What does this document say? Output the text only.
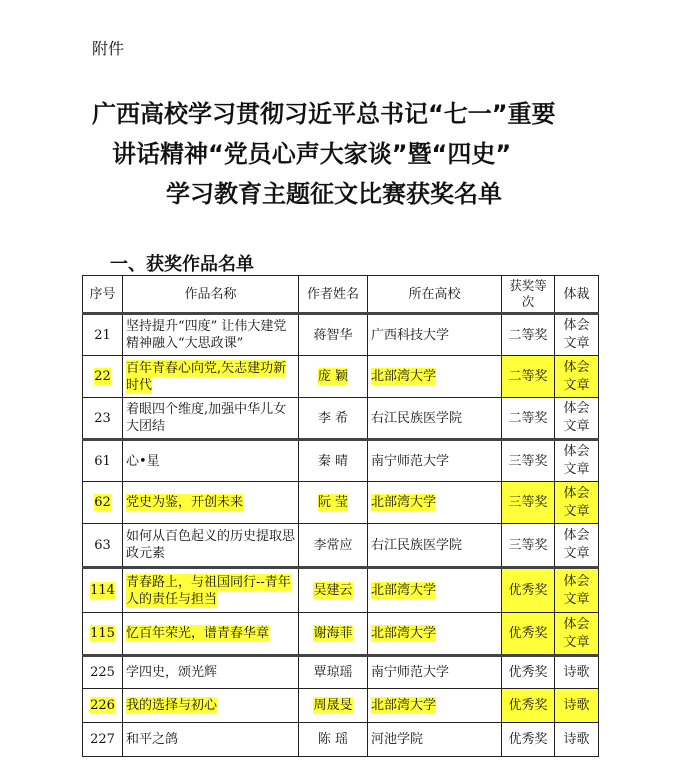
附件
广西高校学习贯彻习近平总书记“七一”重要
讲话精神“党员心声大家谈”暨“四史”
学习教育主题征文比赛获奖名单
一、获奖作品名单
序号	作品名称	作者姓名	所在高校	获奖等次	体裁
21	坚持提升“四度” 让伟大建党精神融入“大思政课”	蒋智华	广西科技大学	二等奖	体会文章
22	百年青春心向党,矢志建功新时代	庞 颖	北部湾大学	二等奖	体会文章
23	着眼四个维度,加强中华儿女大团结	李 希	右江民族医学院	二等奖	体会文章
61	心•星	秦 晴	南宁师范大学	三等奖	体会文章
62	党史为鉴，开创未来	阮 莹	北部湾大学	三等奖	体会文章
63	如何从百色起义的历史提取思政元素	李常应	右江民族医学院	三等奖	体会文章
114	青春路上，与祖国同行--青年人的责任与担当	吴建云	北部湾大学	优秀奖	体会文章
115	忆百年荣光，谱青春华章	谢海菲	北部湾大学	优秀奖	体会文章
225	学四史，颂光辉	覃琼瑶	南宁师范大学	优秀奖	诗歌
226	我的选择与初心	周晟旻	北部湾大学	优秀奖	诗歌
227	和平之鸽	陈 瑶	河池学院	优秀奖	诗歌
